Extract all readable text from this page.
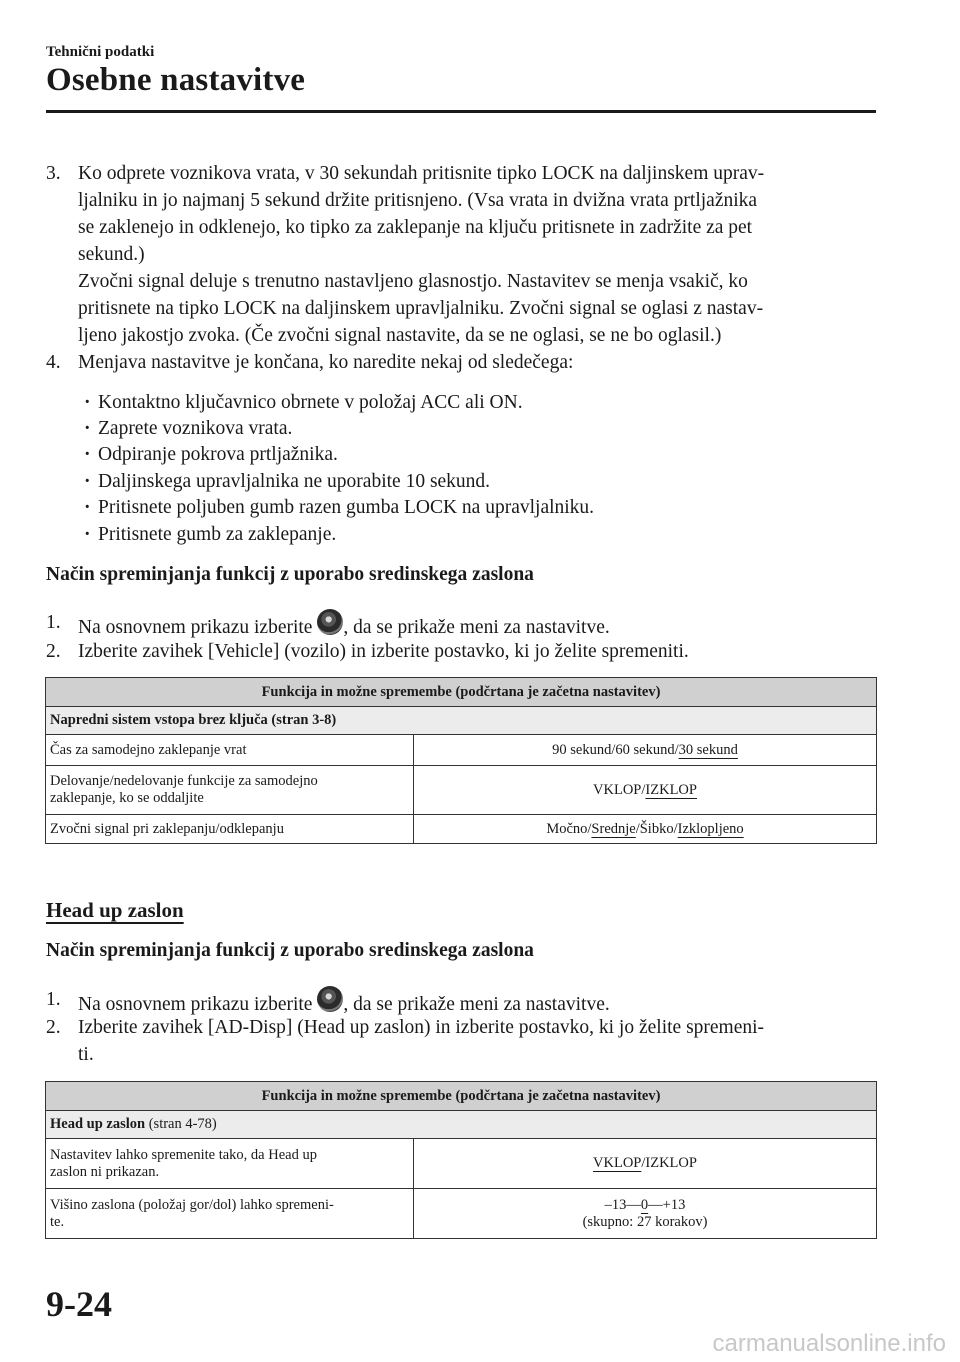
Tehnični podatki
Osebne nastavitve
3. Ko odprete voznikova vrata, v 30 sekundah pritisnite tipko LOCK na daljinskem uprav-
ljalniku in jo najmanj 5 sekund držite pritisnjeno. (Vsa vrata in dvižna vrata prtljažnika
se zaklenejo in odklenejo, ko tipko za zaklepanje na ključu pritisnete in zadržite za pet
sekund.)
Zvočni signal deluje s trenutno nastavljeno glasnostjo. Nastavitev se menja vsakič, ko
pritisnete na tipko LOCK na daljinskem upravljalniku. Zvočni signal se oglasi z nastav-
ljeno jakostjo zvoka. (Če zvočni signal nastavite, da se ne oglasi, se ne bo oglasil.)
4. Menjava nastavitve je končana, ko naredite nekaj od sledečega:
· Kontaktno ključavnico obrnete v položaj ACC ali ON.
· Zaprete voznikova vrata.
· Odpiranje pokrova prtljažnika.
· Daljinskega upravljalnika ne uporabite 10 sekund.
· Pritisnete poljuben gumb razen gumba LOCK na upravljalniku.
· Pritisnete gumb za zaklepanje.
Način spreminjanja funkcij z uporabo sredinskega zaslona
1. Na osnovnem prikazu izberite , da se prikaže meni za nastavitve.
2. Izberite zavihek [Vehicle] (vozilo) in izberite postavko, ki jo želite spremeniti.
Funkcija in možne spremembe (podčrtana je začetna nastavitev)	
Napredni sistem vstopa brez ključa (stran 3-8)	
Čas za samodejno zaklepanje vrat	90 sekund/60 sekund/30 sekund
Delovanje/nedelovanje funkcije za samodejno
zaklepanje, ko se oddaljite	VKLOP/IZKLOP
Zvočni signal pri zaklepanju/odklepanju	Močno/Srednje/Šibko/Izklopljeno
Head up zaslon
Način spreminjanja funkcij z uporabo sredinskega zaslona
1. Na osnovnem prikazu izberite , da se prikaže meni za nastavitve.
2. Izberite zavihek [AD-Disp] (Head up zaslon) in izberite postavko, ki jo želite spremeni-
ti.
Funkcija in možne spremembe (podčrtana je začetna nastavitev)	
Head up zaslon (stran 4-78)	
Nastavitev lahko spremenite tako, da Head up
zaslon ni prikazan.	VKLOP/IZKLOP
Višino zaslona (položaj gor/dol) lahko spremeni-
te.	–13―0―+13
(skupno: 27 korakov)
9-24
carmanualsonline.info
